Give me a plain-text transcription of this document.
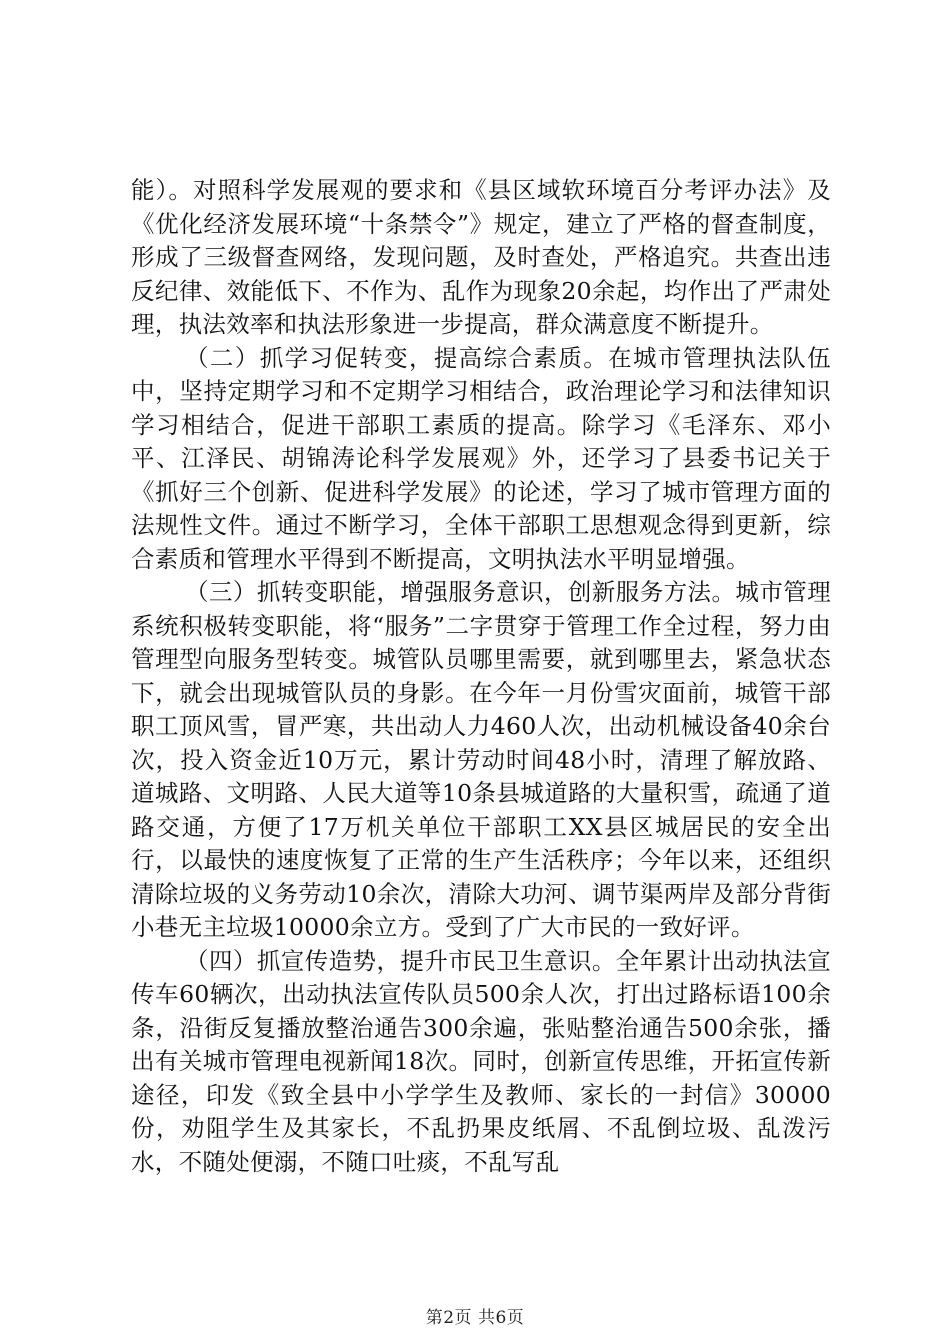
能）。对照科学发展观的要求和《县区域软环境百分考评办法》及《优化经济发展环境“十条禁令”》规定，建立了严格的督查制度，形成了三级督查网络，发现问题，及时查处，严格追究。共查出违反纪律、效能低下、不作为、乱作为现象20余起，均作出了严肃处理，执法效率和执法形象进一步提高，群众满意度不断提升。

（二）抓学习促转变，提高综合素质。在城市管理执法队伍中，坚持定期学习和不定期学习相结合，政治理论学习和法律知识学习相结合，促进干部职工素质的提高。除学习《毛泽东、邓小平、江泽民、胡锦涛论科学发展观》外，还学习了县委书记关于《抓好三个创新、促进科学发展》的论述，学习了城市管理方面的法规性文件。通过不断学习，全体干部职工思想观念得到更新，综合素质和管理水平得到不断提高，文明执法水平明显增强。

（三）抓转变职能，增强服务意识，创新服务方法。城市管理系统积极转变职能，将“服务”二字贯穿于管理工作全过程，努力由管理型向服务型转变。城管队员哪里需要，就到哪里去，紧急状态下，就会出现城管队员的身影。在今年一月份雪灾面前，城管干部职工顶风雪，冒严寒，共出动人力460人次，出动机械设备40余台次，投入资金近10万元，累计劳动时间48小时，清理了解放路、道城路、文明路、人民大道等10条县城道路的大量积雪，疏通了道路交通，方便了17万机关单位干部职工XX县区城居民的安全出行，以最快的速度恢复了正常的生产生活秩序；今年以来，还组织清除垃圾的义务劳动10余次，清除大功河、调节渠两岸及部分背街小巷无主垃圾10000余立方。受到了广大市民的一致好评。

（四）抓宣传造势，提升市民卫生意识。全年累计出动执法宣传车60辆次，出动执法宣传队员500余人次，打出过路标语100余条，沿街反复播放整治通告300余遍，张贴整治通告500余张，播出有关城市管理电视新闻18次。同时，创新宣传思维，开拓宣传新途径，印发《致全县中小学学生及教师、家长的一封信》30000份，劝阻学生及其家长，不乱扔果皮纸屑、不乱倒垃圾、乱泼污水，不随处便溺，不随口吐痰，不乱写乱

第2页 共6页
